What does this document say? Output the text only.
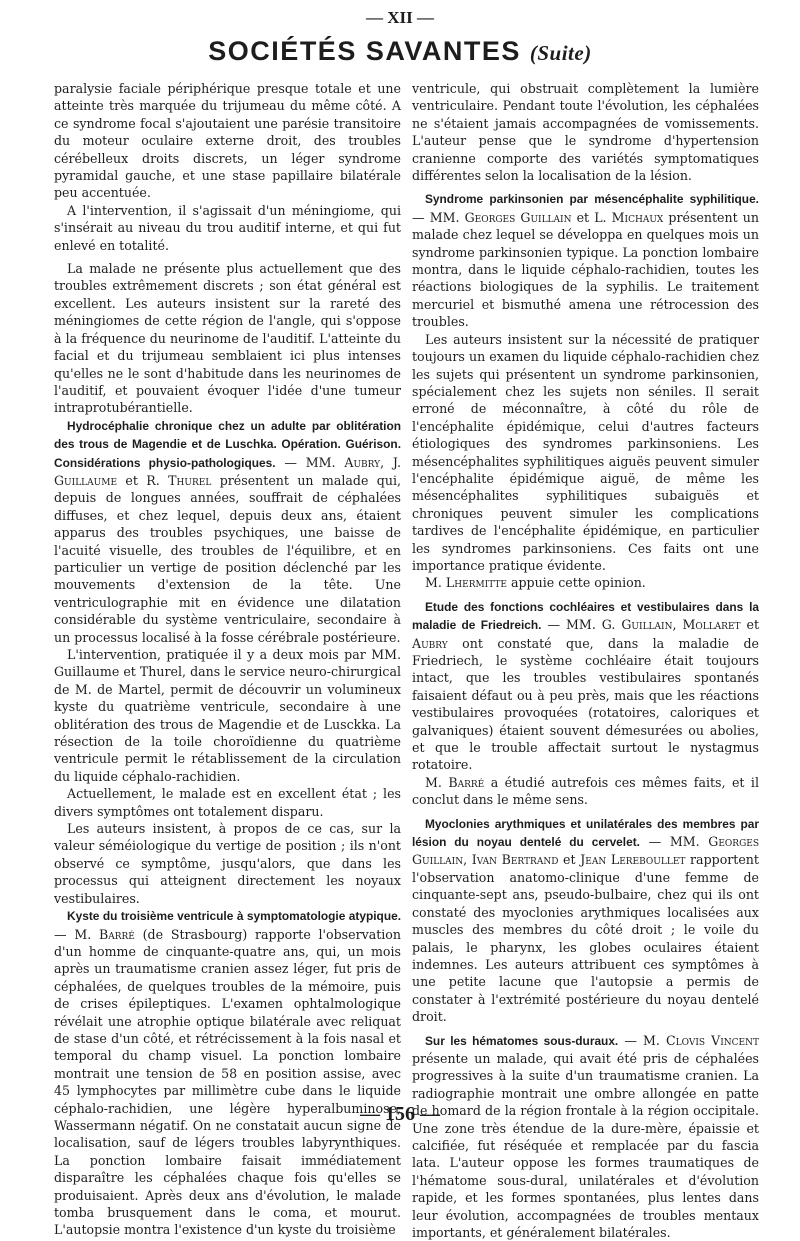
— XII —
SOCIÉTÉS SAVANTES (Suite)

paralysie faciale périphérique presque totale et une atteinte très marquée du trijumeau du même côté. A ce syndrome focal s'ajoutaient une parésie transitoire du moteur oculaire externe droit, des troubles cérébelleux droits discrets, un léger syndrome pyramidal gauche, et une stase papillaire bilatérale peu accentuée.

A l'intervention, il s'agissait d'un méningiome, qui s'insérait au niveau du trou auditif interne, et qui fut enlevé en totalité.

La malade ne présente plus actuellement que des troubles extrêmement discrets ; son état général est excellent. Les auteurs insistent sur la rareté des méningiomes de cette région de l'angle, qui s'oppose à la fréquence du neurinome de l'auditif. L'atteinte du facial et du trijumeau semblaient ici plus intenses qu'elles ne le sont d'habitude dans les neurinomes de l'auditif, et pouvaient évoquer l'idée d'une tumeur intraprotubérantielle.

Hydrocéphalie chronique chez un adulte par oblitération des trous de Magendie et de Luschka. Opération. Guérison. Considérations physio-pathologiques. — MM. Aubry, J. Guillaume et R. Thurel présentent un malade qui, depuis de longues années, souffrait de céphalées diffuses, et chez lequel, depuis deux ans, étaient apparus des troubles psychiques, une baisse de l'acuité visuelle, des troubles de l'équilibre, et en particulier un vertige de position déclenché par les mouvements d'extension de la tête. Une ventriculographie mit en évidence une dilatation considérable du système ventriculaire, secondaire à un processus localisé à la fosse cérébrale postérieure.

L'intervention, pratiquée il y a deux mois par MM. Guillaume et Thurel, dans le service neuro-chirurgical de M. de Martel, permit de découvrir un volumineux kyste du quatrième ventricule, secondaire à une oblitération des trous de Magendie et de Lusckka. La résection de la toile choroïdienne du quatrième ventricule permit le rétablissement de la circulation du liquide céphalo-rachidien.

Actuellement, le malade est en excellent état ; les divers symptômes ont totalement disparu.

Les auteurs insistent, à propos de ce cas, sur la valeur séméiologique du vertige de position ; ils n'ont observé ce symptôme, jusqu'alors, que dans les processus qui atteignent directement les noyaux vestibulaires.

Kyste du troisième ventricule à symptomatologie atypique. — M. Barré (de Strasbourg) rapporte l'observation d'un homme de cinquante-quatre ans, qui, un mois après un traumatisme cranien assez léger, fut pris de céphalées, de quelques troubles de la mémoire, puis de crises épileptiques. L'examen ophtalmologique révélait une atrophie optique bilatérale avec reliquat de stase d'un côté, et rétrécissement à la fois nasal et temporal du champ visuel. La ponction lombaire montrait une tension de 58 en position assise, avec 45 lymphocytes par millimètre cube dans le liquide céphalo-rachidien, une légère hyperalbuminose, Wassermann négatif. On ne constatait aucun signe de localisation, sauf de légers troubles labyrynthiques. La ponction lombaire faisait immédiatement disparaître les céphalées chaque fois qu'elles se produisaient. Après deux ans d'évolution, le malade tomba brusquement dans le coma, et mourut. L'autopsie montra l'existence d'un kyste du troisième

ventricule, qui obstruait complètement la lumière ventriculaire. Pendant toute l'évolution, les céphalées ne s'étaient jamais accompagnées de vomissements. L'auteur pense que le syndrome d'hypertension cranienne comporte des variétés symptomatiques différentes selon la localisation de la lésion.

Syndrome parkinsonien par mésencéphalite syphilitique. — MM. Georges Guillain et L. Michaux présentent un malade chez lequel se développa en quelques mois un syndrome parkinsonien typique. La ponction lombaire montra, dans le liquide céphalo-rachidien, toutes les réactions biologiques de la syphilis. Le traitement mercuriel et bismuthé amena une rétrocession des troubles.

Les auteurs insistent sur la nécessité de pratiquer toujours un examen du liquide céphalo-rachidien chez les sujets qui présentent un syndrome parkinsonien, spécialement chez les sujets non séniles. Il serait erroné de méconnaître, à côté du rôle de l'encéphalite épidémique, celui d'autres facteurs étiologiques des syndromes parkinsoniens. Les mésencéphalites syphilitiques aiguës peuvent simuler l'encéphalite épidémique aiguë, de même les mésencéphalites syphilitiques subaiguës et chroniques peuvent simuler les complications tardives de l'encéphalite épidémique, en particulier les syndromes parkinsoniens. Ces faits ont une importance pratique évidente.

M. Lhermitte appuie cette opinion.

Etude des fonctions cochléaires et vestibulaires dans la maladie de Friedreich. — MM. G. Guillain, Mollaret et Aubry ont constaté que, dans la maladie de Friedriech, le système cochléaire était toujours intact, que les troubles vestibulaires spontanés faisaient défaut ou à peu près, mais que les réactions vestibulaires provoquées (rotatoires, caloriques et galvaniques) étaient souvent démesurées ou abolies, et que le trouble affectait surtout le nystagmus rotatoire.

M. Barré a étudié autrefois ces mêmes faits, et il conclut dans le même sens.

Myoclonies arythmiques et unilatérales des membres par lésion du noyau dentelé du cervelet. — MM. Georges Guillain, Ivan Bertrand et Jean Lereboullet rapportent l'observation anatomo-clinique d'une femme de cinquante-sept ans, pseudo-bulbaire, chez qui ils ont constaté des myoclonies arythmiques localisées aux muscles des membres du côté droit ; le voile du palais, le pharynx, les globes oculaires étaient indemnes. Les auteurs attribuent ces symptômes à une petite lacune que l'autopsie a permis de constater à l'extrémité postérieure du noyau dentelé droit.

Sur les hématomes sous-duraux. — M. Clovis Vincent présente un malade, qui avait été pris de céphalées progressives à la suite d'un traumatisme cranien. La radiographie montrait une ombre allongée en patte de homard de la région frontale à la région occipitale. Une zone très étendue de la dure-mère, épaissie et calcifiée, fut réséquée et remplacée par du fascia lata. L'auteur oppose les formes traumatiques de l'hématome sous-dural, unilatérales et d'évolution rapide, et les formes spontanées, plus lentes dans leur évolution, accompagnées de troubles mentaux importants, et généralement bilatérales.

— 156 —
